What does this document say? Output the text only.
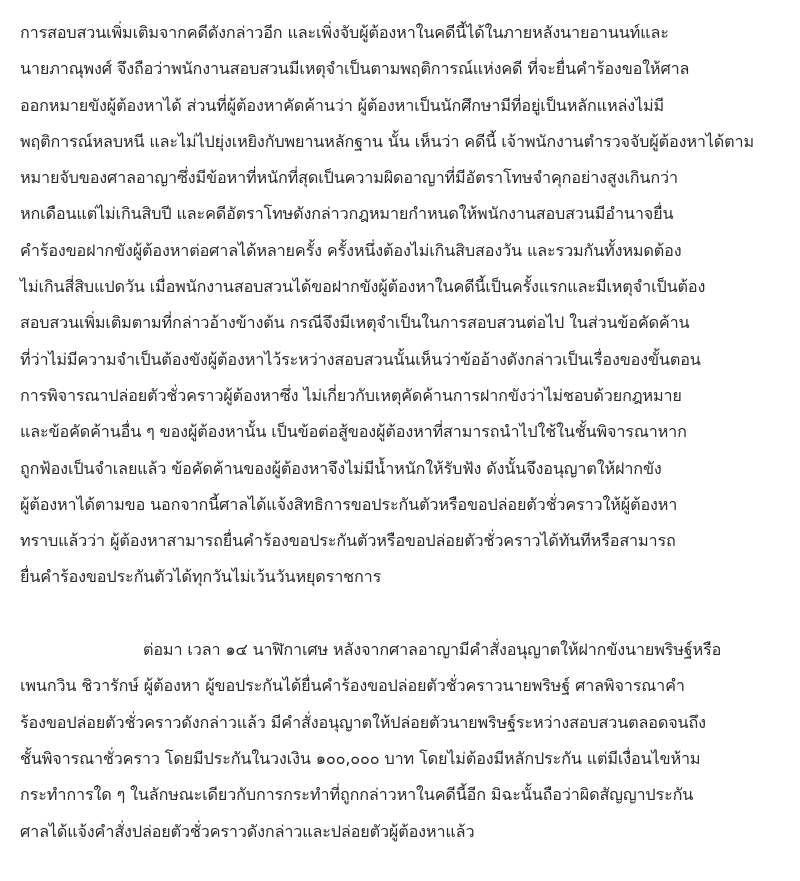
การสอบสวนเพิ่มเติมจากคดีดังกล่าวอีก และเพิ่งจับผู้ต้องหาในคดีนี้ได้ในภายหลังนายอานนท์และ
นายภาณุพงศ์ จึงถือว่าพนักงานสอบสวนมีเหตุจำเป็นตามพฤติการณ์แห่งคดี ที่จะยื่นคำร้องขอให้ศาล
ออกหมายขังผู้ต้องหาได้ ส่วนที่ผู้ต้องหาคัดค้านว่า ผู้ต้องหาเป็นนักศึกษามีที่อยู่เป็นหลักแหล่งไม่มี
พฤติการณ์หลบหนี และไม่ไปยุ่งเหยิงกับพยานหลักฐาน นั้น เห็นว่า คดีนี้ เจ้าพนักงานตำรวจจับผู้ต้องหาได้ตาม
หมายจับของศาลอาญาซึ่งมีข้อหาที่หนักที่สุดเป็นความผิดอาญาที่มีอัตราโทษจำคุกอย่างสูงเกินกว่า
หกเดือนแต่ไม่เกินสิบปี และคดีอัตราโทษดังกล่าวกฎหมายกำหนดให้พนักงานสอบสวนมีอำนาจยื่น
คำร้องขอฝากขังผู้ต้องหาต่อศาลได้หลายครั้ง ครั้งหนึ่งต้องไม่เกินสิบสองวัน และรวมกันทั้งหมดต้อง
ไม่เกินสี่สิบแปดวัน เมื่อพนักงานสอบสวนได้ขอฝากขังผู้ต้องหาในคดีนี้เป็นครั้งแรกและมีเหตุจำเป็นต้อง
สอบสวนเพิ่มเติมตามที่กล่าวอ้างข้างต้น กรณีจึงมีเหตุจำเป็นในการสอบสวนต่อไป ในส่วนข้อคัดค้าน
ที่ว่าไม่มีความจำเป็นต้องขังผู้ต้องหาไว้ระหว่างสอบสวนนั้นเห็นว่าข้ออ้างดังกล่าวเป็นเรื่องของขั้นตอน
การพิจารณาปล่อยตัวชั่วคราวผู้ต้องหาซึ่ง ไม่เกี่ยวกับเหตุคัดค้านการฝากขังว่าไม่ชอบด้วยกฎหมาย
และข้อคัดค้านอื่น ๆ ของผู้ต้องหานั้น เป็นข้อต่อสู้ของผู้ต้องหาที่สามารถนำไปใช้ในชั้นพิจารณาหาก
ถูกฟ้องเป็นจำเลยแล้ว ข้อคัดค้านของผู้ต้องหาจึงไม่มีน้ำหนักให้รับฟัง ดังนั้นจึงอนุญาตให้ฝากขัง
ผู้ต้องหาได้ตามขอ นอกจากนี้ศาลได้แจ้งสิทธิการขอประกันตัวหรือขอปล่อยตัวชั่วคราวให้ผู้ต้องหา
ทราบแล้วว่า ผู้ต้องหาสามารถยื่นคำร้องขอประกันตัวหรือขอปล่อยตัวชั่วคราวได้ทันทีหรือสามารถ
ยื่นคำร้องขอประกันตัวได้ทุกวันไม่เว้นวันหยุดราชการ
ต่อมา เวลา ๑๔ นาฬิกาเศษ หลังจากศาลอาญามีคำสั่งอนุญาตให้ฝากขังนายพริษฐ์หรือ
เพนกวิน ชิวารักษ์ ผู้ต้องหา ผู้ขอประกันได้ยื่นคำร้องขอปล่อยตัวชั่วคราวนายพริษฐ์ ศาลพิจารณาคำ
ร้องขอปล่อยตัวชั่วคราวดังกล่าวแล้ว มีคำสั่งอนุญาตให้ปล่อยตัวนายพริษฐ์ระหว่างสอบสวนตลอดจนถึง
ชั้นพิจารณาชั่วคราว โดยมีประกันในวงเงิน ๑๐๐,๐๐๐ บาท โดยไม่ต้องมีหลักประกัน แต่มีเงื่อนไขห้าม
กระทำการใด ๆ ในลักษณะเดียวกับการกระทำที่ถูกกล่าวหาในคดีนี้อีก มิฉะนั้นถือว่าผิดสัญญาประกัน
ศาลได้แจ้งคำสั่งปล่อยตัวชั่วคราวดังกล่าวและปล่อยตัวผู้ต้องหาแล้ว
